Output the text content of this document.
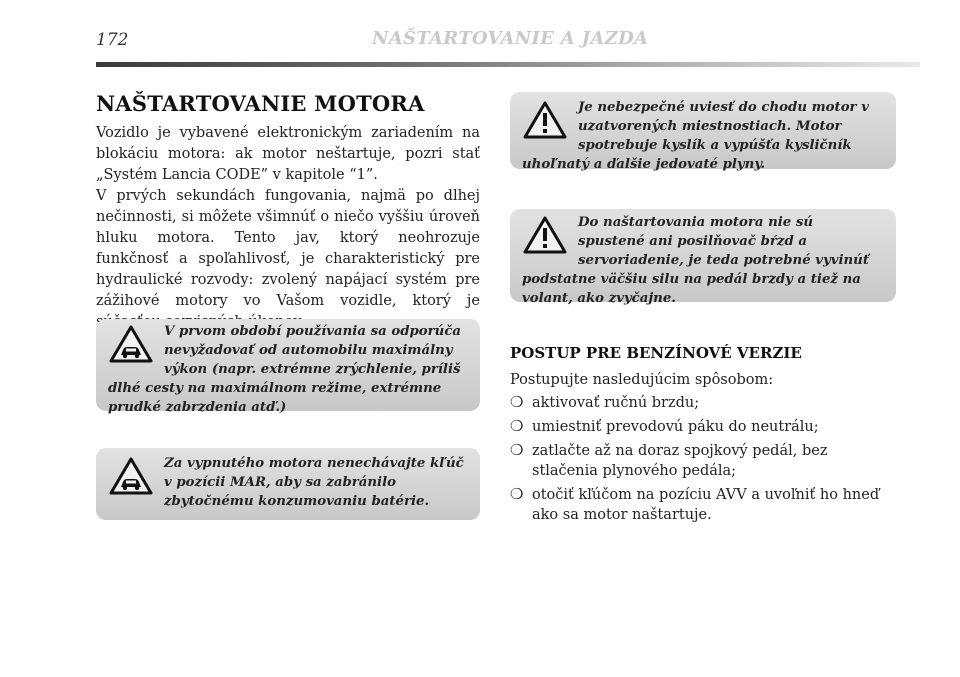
172	NAŠTARTOVANIE A JAZDA
NAŠTARTOVANIE MOTORA

Vozidlo je vybavené elektronickým zariadením na blokáciu motora: ak motor neštartuje, pozri stať „Systém Lancia CODE” v kapitole “1”.

V prvých sekundách fungovania, najmä po dlhej nečinnosti, si môžete všimnúť o niečo vyššiu úroveň hluku motora. Tento jav, ktorý neohrozuje funkčnosť a spoľahlivosť, je charakteristický pre hydraulické rozvody: zvolený napájací systém pre zážihové motory vo Vašom vozidle, ktorý je

V prvom období používania sa odporúča nevyžadovať od automobilu maximálny výkon (napr. extrémne zrýchlenie, príliš dlhé cesty na maximálnom režime, extrémne prudké zabrzdenia atď.)
Za vypnutého motora nenechávajte kľúč v pozícii MAR, aby sa zabránilo zbytočnému konzumovaniu batérie.
Je nebezpečné uviesť do chodu motor v uzatvorených miestnostiach. Motor spotrebuje kyslík a vypúšťa kysličník uhoľnatý a ďalšie jedovaté plyny.
Do naštartovania motora nie sú spustené ani posilňovač bŕzd a servoriadenie, je teda potrebné vyvinúť podstatne väčšiu silu na pedál brzdy a tiež na volant, ako zvyčajne.
POSTUP PRE BENZÍNOVÉ VERZIE
Postupujte nasledujúcim spôsobom:
❍ aktivovať ručnú brzdu;
❍ umiestniť prevodovú páku do neutrálu;
❍ zatlačte až na doraz spojkový pedál, bez stlačenia plynového pedála;
❍ otočiť kľúčom na pozíciu AVV a uvoľniť ho hneď ako sa motor naštartuje.
